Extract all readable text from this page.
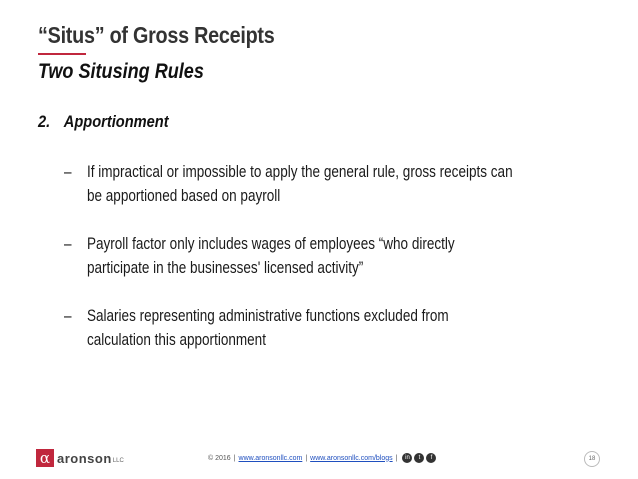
“Situs” of Gross Receipts
Two Situsing Rules
2. Apportionment
– If impractical or impossible to apply the general rule, gross receipts can
be apportioned based on payroll
– Payroll factor only includes wages of employees “who directly
participate in the businesses' licensed activity”
– Salaries representing administrative functions excluded from
calculation this apportionment
α aronson LLC	© 2016 | www.aronsonllc.com | www.aronsonllc.com/blogs |	in	t	f	18
